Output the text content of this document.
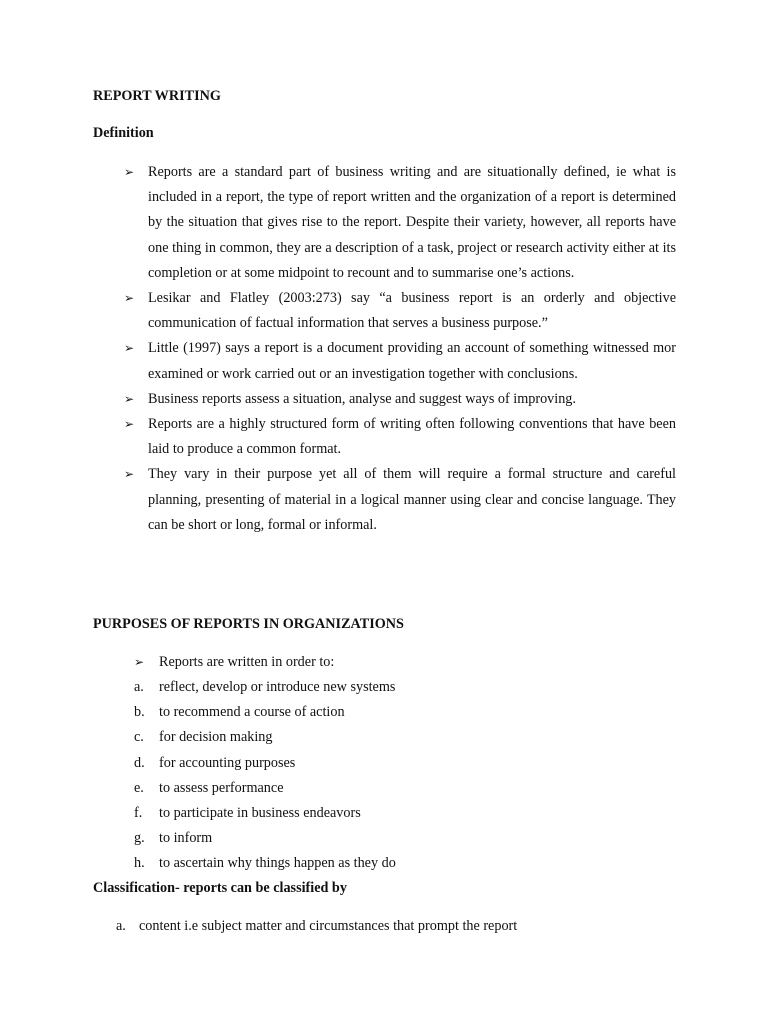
REPORT WRITING
Definition
➢ Reports are a standard part of business writing and are situationally defined, ie what is included in a report, the type of report written and the organization of a report is determined by the situation that gives rise to the report. Despite their variety, however, all reports have one thing in common, they are a description of a task, project or research activity either at its completion or at some midpoint to recount and to summarise one’s actions.
➢ Lesikar and Flatley (2003:273) say “a business report is an orderly and objective communication of factual information that serves a business purpose.”
➢ Little (1997) says a report is a document providing an account of something witnessed mor examined or work carried out or an investigation together with conclusions.
➢ Business reports assess a situation, analyse and suggest ways of improving.
➢ Reports are a highly structured form of writing often following conventions that have been laid to produce a common format.
➢ They vary in their purpose yet all of them will require a formal structure and careful planning, presenting of material in a logical manner using clear and concise language. They can be short or long, formal or informal.
PURPOSES OF REPORTS IN ORGANIZATIONS
➢ Reports are written in order to:
a. reflect, develop or introduce new systems
b. to recommend a course of action
c. for decision making
d. for accounting purposes
e. to assess performance
f. to participate in business endeavors
g. to inform
h. to ascertain why things happen as they do
Classification- reports can be classified by
a. content i.e subject matter and circumstances that prompt the report
